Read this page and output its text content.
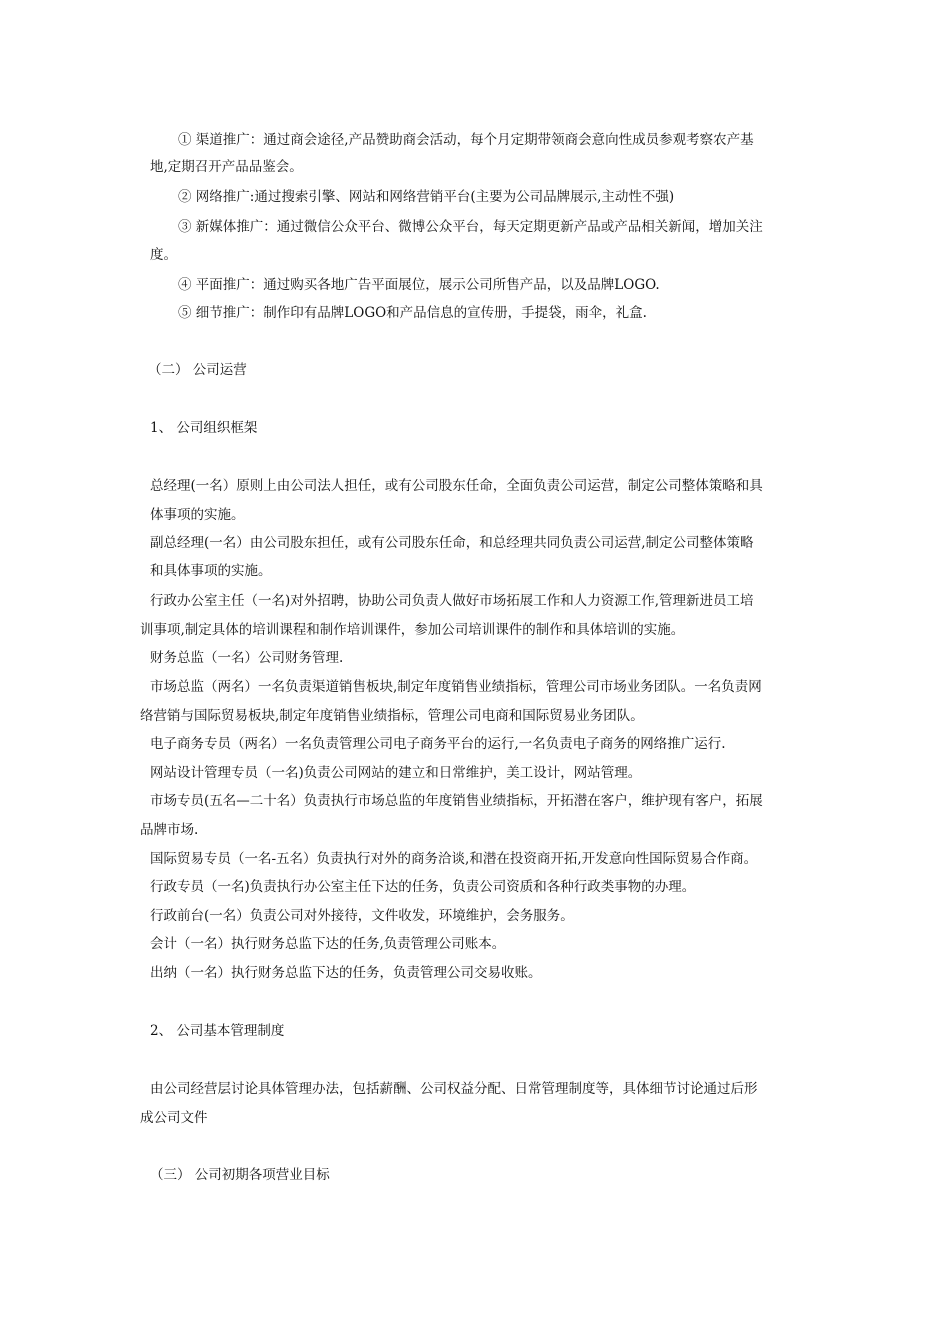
① 渠道推广：通过商会途径,产品赞助商会活动，每个月定期带领商会意向性成员参观考察农产基
地,定期召开产品品鉴会。
② 网络推广:通过搜索引擎、网站和网络营销平台(主要为公司品牌展示,主动性不强)
③ 新媒体推广：通过微信公众平台、微博公众平台，每天定期更新产品或产品相关新闻，增加关注
度。
④ 平面推广：通过购买各地广告平面展位，展示公司所售产品，以及品牌LOGO.
⑤ 细节推广：制作印有品牌LOGO和产品信息的宣传册，手提袋，雨伞，礼盒.
（二） 公司运营
1、 公司组织框架
总经理(一名）原则上由公司法人担任，或有公司股东任命，全面负责公司运营，制定公司整体策略和具
体事项的实施。
副总经理(一名）由公司股东担任，或有公司股东任命，和总经理共同负责公司运营,制定公司整体策略
和具体事项的实施。
行政办公室主任（一名)对外招聘，协助公司负责人做好市场拓展工作和人力资源工作,管理新进员工培
训事项,制定具体的培训课程和制作培训课件，参加公司培训课件的制作和具体培训的实施。
财务总监（一名）公司财务管理.
市场总监（两名）一名负责渠道销售板块,制定年度销售业绩指标，管理公司市场业务团队。一名负责网
络营销与国际贸易板块,制定年度销售业绩指标，管理公司电商和国际贸易业务团队。
电子商务专员（两名）一名负责管理公司电子商务平台的运行,一名负责电子商务的网络推广运行.
网站设计管理专员（一名)负责公司网站的建立和日常维护，美工设计，网站管理。
市场专员(五名—二十名）负责执行市场总监的年度销售业绩指标，开拓潜在客户，维护现有客户，拓展
品牌市场.
国际贸易专员（一名-五名）负责执行对外的商务洽谈,和潜在投资商开拓,开发意向性国际贸易合作商。
行政专员（一名)负责执行办公室主任下达的任务，负责公司资质和各种行政类事物的办理。
行政前台(一名）负责公司对外接待，文件收发，环境维护，会务服务。
会计（一名）执行财务总监下达的任务,负责管理公司账本。
出纳（一名）执行财务总监下达的任务，负责管理公司交易收账。
2、 公司基本管理制度
由公司经营层讨论具体管理办法，包括薪酬、公司权益分配、日常管理制度等，具体细节讨论通过后形
成公司文件
（三） 公司初期各项营业目标
